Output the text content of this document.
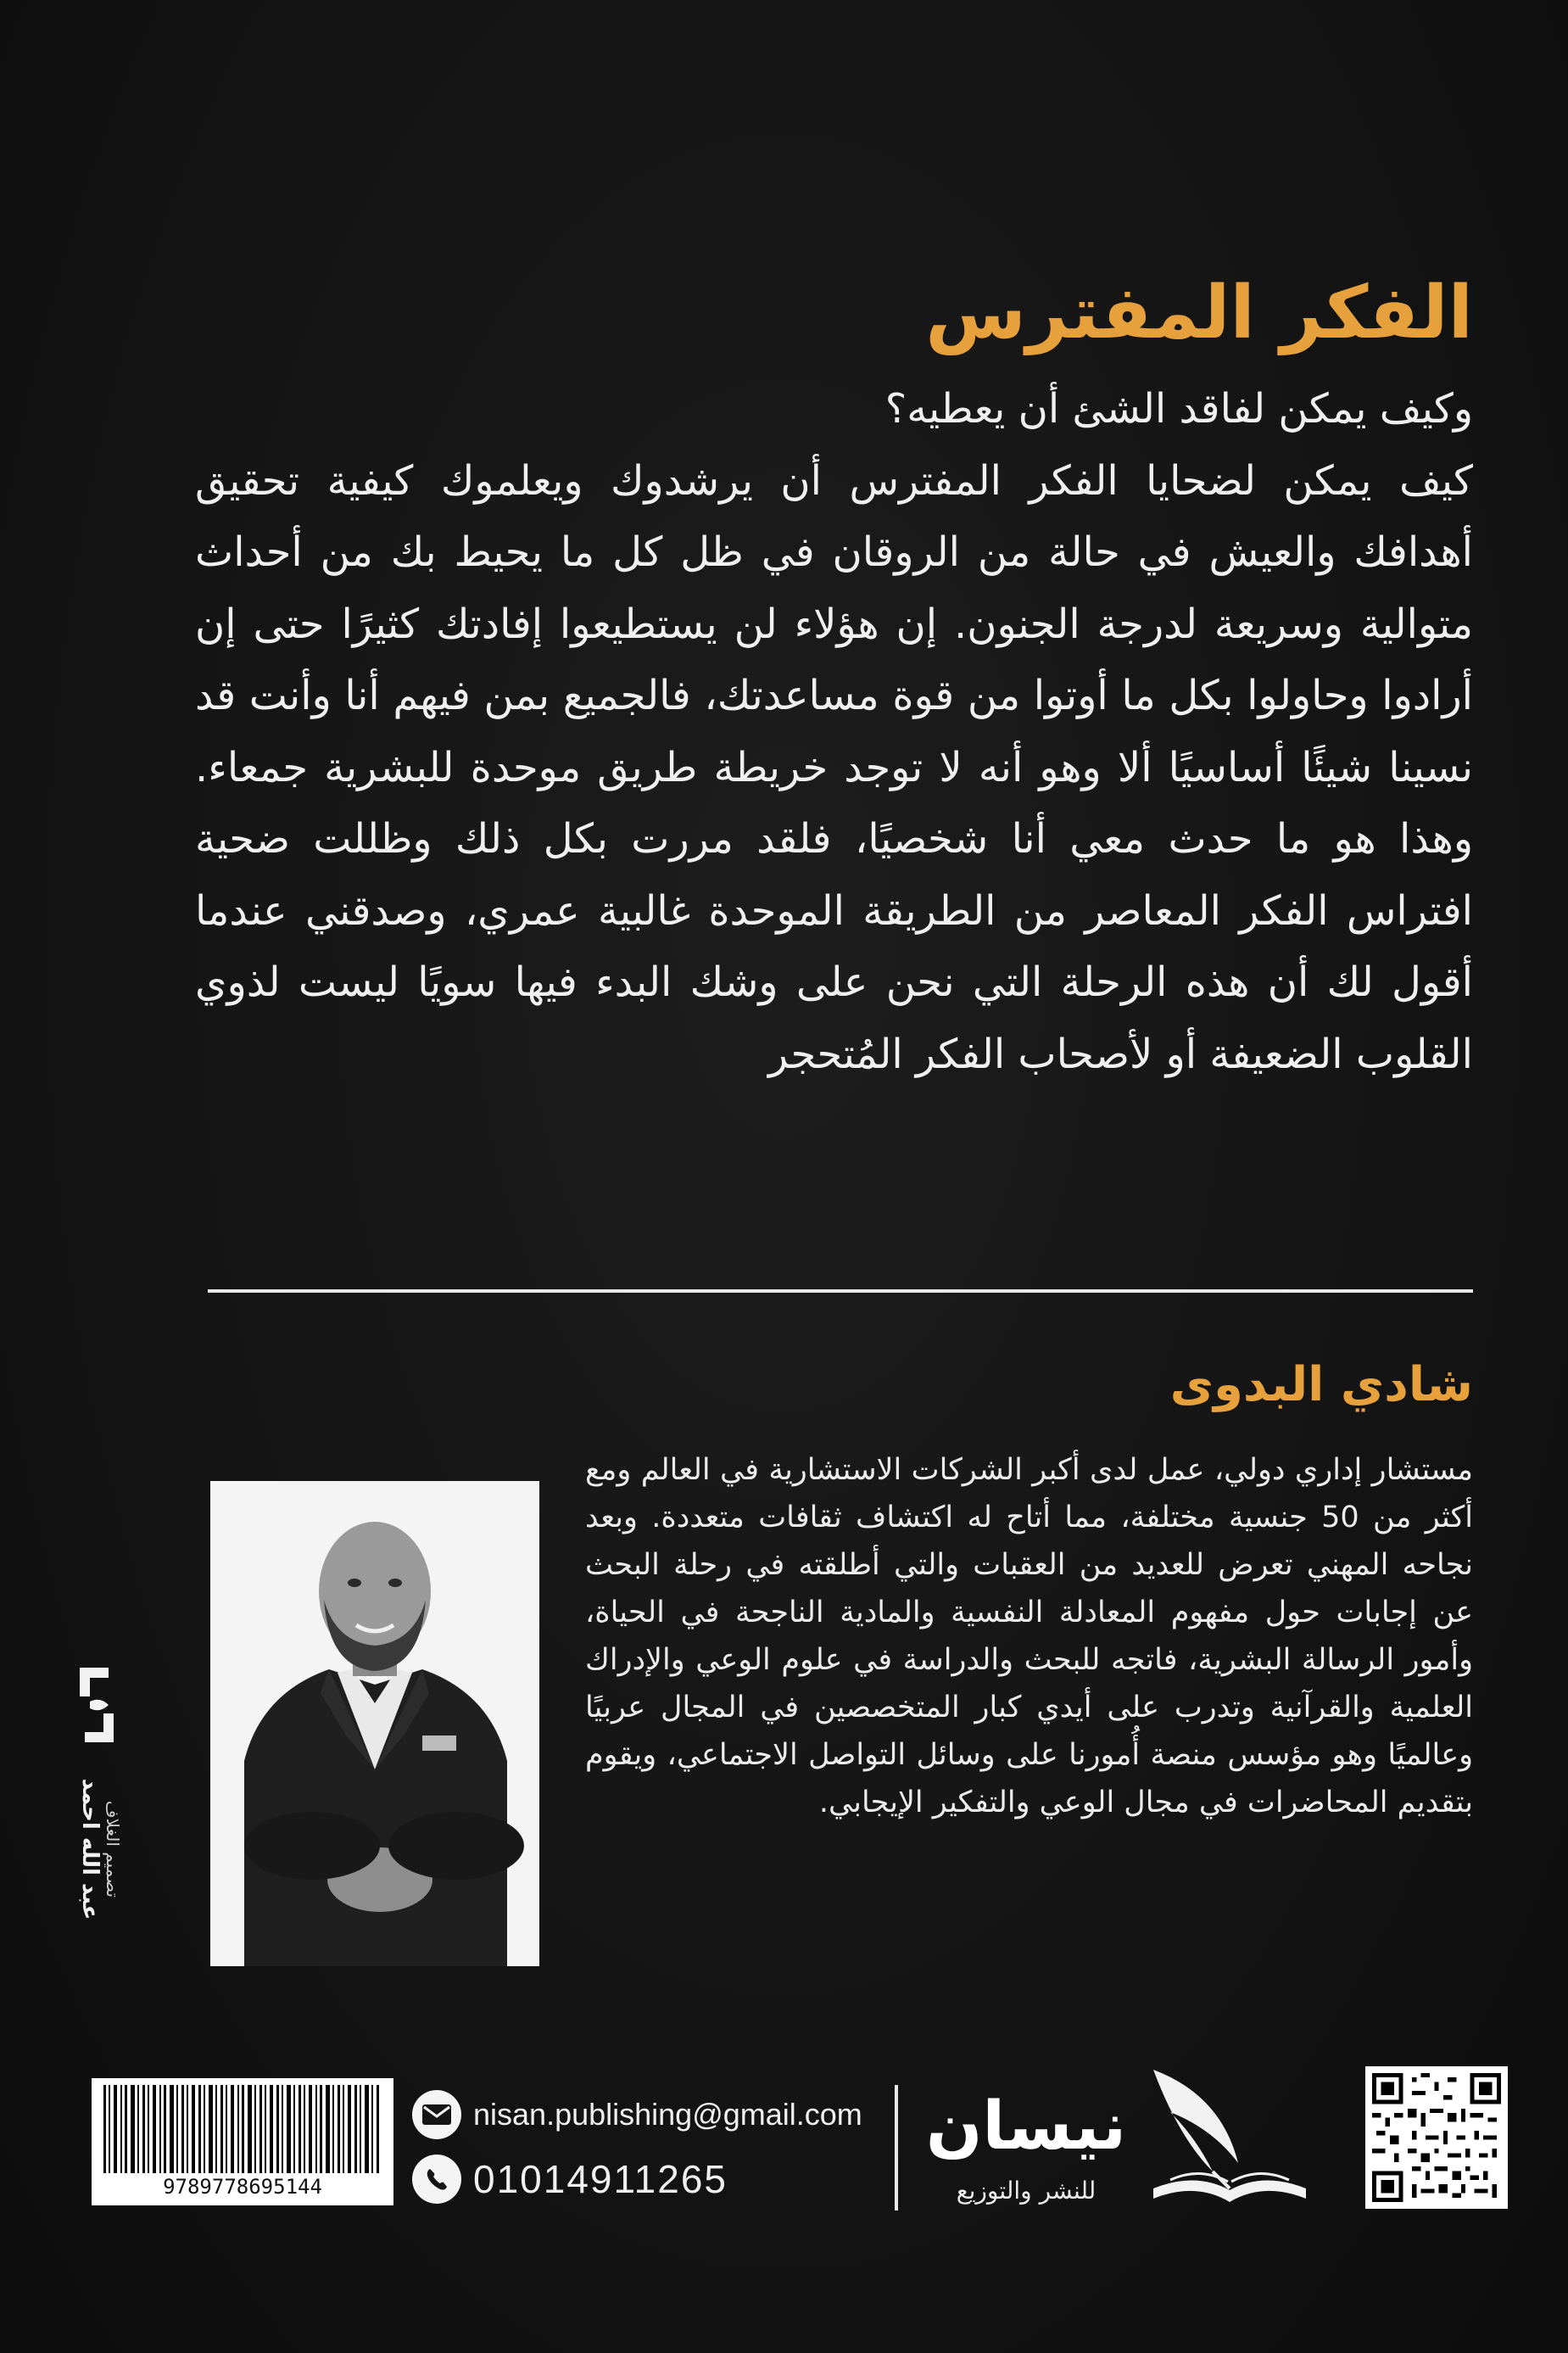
الفكر المفترس

وكيف يمكن لفاقد الشئ أن يعطيه؟

كيف يمكن لضحايا الفكر المفترس أن يرشدوك ويعلموك كيفية تحقيق أهدافك والعيش في حالة من الروقان في ظل كل ما يحيط بك من أحداث متوالية وسريعة لدرجة الجنون. إن هؤلاء لن يستطيعوا إفادتك كثيرًا حتى إن أرادوا وحاولوا بكل ما أوتوا من قوة مساعدتك، فالجميع بمن فيهم أنا وأنت قد نسينا شيئًا أساسيًا ألا وهو أنه لا توجد خريطة طريق موحدة للبشرية جمعاء. وهذا هو ما حدث معي أنا شخصيًا، فلقد مررت بكل ذلك وظللت ضحية افتراس الفكر المعاصر من الطريقة الموحدة غالبية عمري، وصدقني عندما أقول لك أن هذه الرحلة التي نحن على وشك البدء فيها سويًا ليست لذوي القلوب الضعيفة أو لأصحاب الفكر المُتحجر

شادي البدوى

مستشار إداري دولي، عمل لدى أكبر الشركات الاستشارية في العالم ومع أكثر من 50 جنسية مختلفة، مما أتاح له اكتشاف ثقافات متعددة. وبعد نجاحه المهني تعرض للعديد من العقبات والتي أطلقته في رحلة البحث عن إجابات حول مفهوم المعادلة النفسية والمادية الناجحة في الحياة، وأمور الرسالة البشرية، فاتجه للبحث والدراسة في علوم الوعي والإدراك العلمية والقرآنية وتدرب على أيدي كبار المتخصصين في المجال عربيًا وعالميًا وهو مؤسس منصة أُمورنا على وسائل التواصل الاجتماعي، ويقوم بتقديم المحاضرات في مجال الوعي والتفكير الإيجابي.

تصميم الغلاف
عبد الله احمد
9789778695144
nisan.publishing@gmail.com
01014911265
نيسان
للنشر والتوزيع
